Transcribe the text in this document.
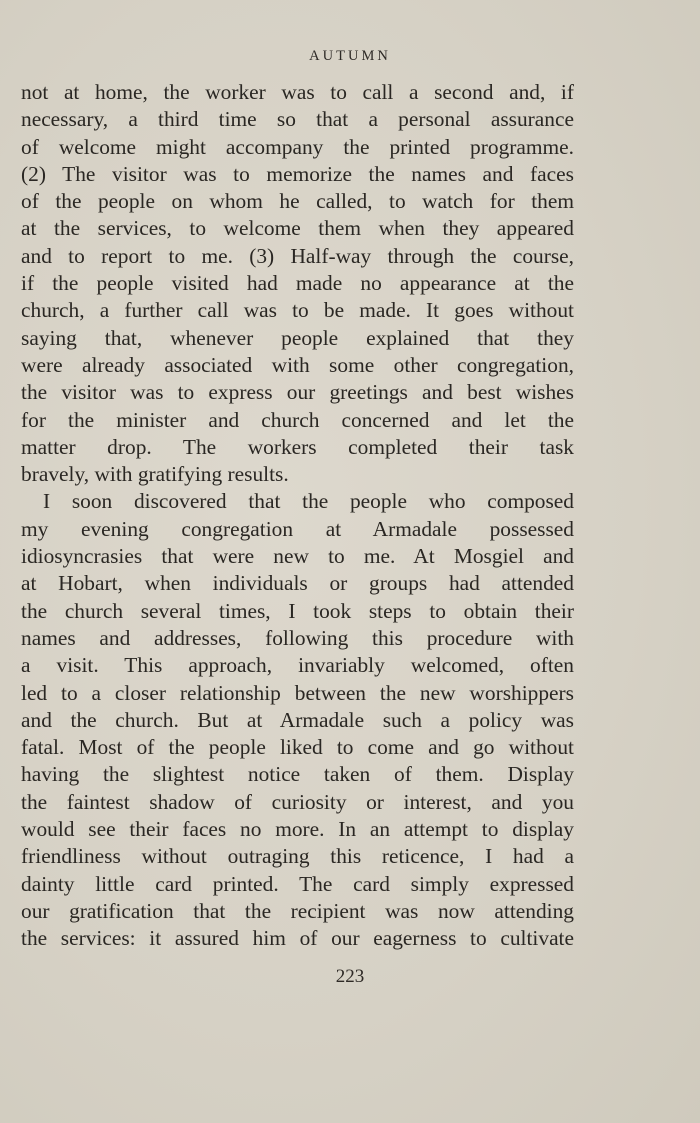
AUTUMN
not at home, the worker was to call a second and, if
necessary, a third time so that a personal assurance
of welcome might accompany the printed programme.
(2) The visitor was to memorize the names and faces
of the people on whom he called, to watch for them
at the services, to welcome them when they appeared
and to report to me. (3) Half-way through the course,
if the people visited had made no appearance at the
church, a further call was to be made. It goes without
saying that, whenever people explained that they
were already associated with some other congregation,
the visitor was to express our greetings and best wishes
for the minister and church concerned and let the
matter drop. The workers completed their task
bravely, with gratifying results.
I soon discovered that the people who composed
my evening congregation at Armadale possessed
idiosyncrasies that were new to me. At Mosgiel and
at Hobart, when individuals or groups had attended
the church several times, I took steps to obtain their
names and addresses, following this procedure with
a visit. This approach, invariably welcomed, often
led to a closer relationship between the new worshippers
and the church. But at Armadale such a policy was
fatal. Most of the people liked to come and go without
having the slightest notice taken of them. Display
the faintest shadow of curiosity or interest, and you
would see their faces no more. In an attempt to display
friendliness without outraging this reticence, I had a
dainty little card printed. The card simply expressed
our gratification that the recipient was now attending
the services: it assured him of our eagerness to cultivate
223
